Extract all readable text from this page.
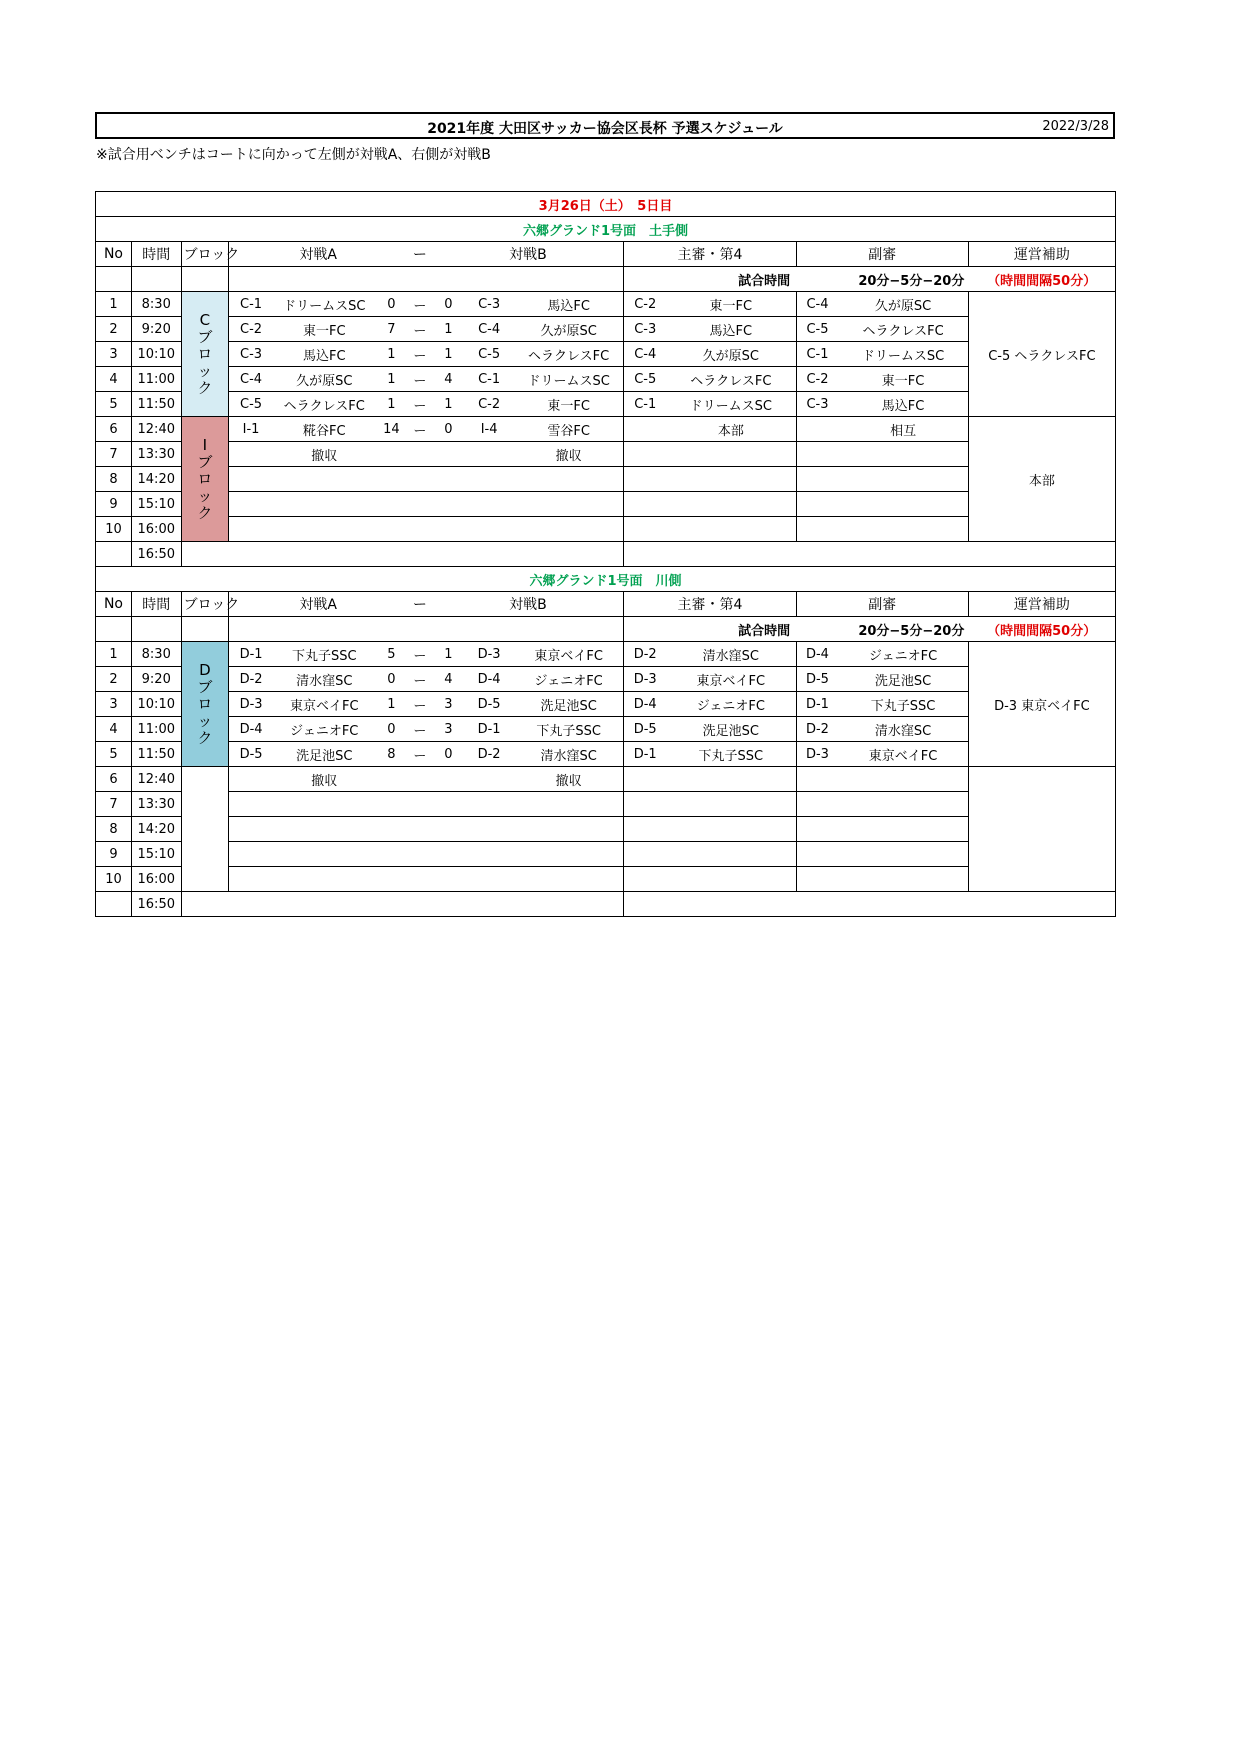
2021年度 大田区サッカー協会区長杯 予選スケジュール	2022/3/28
※試合用ベンチはコートに向かって左側が対戦A、右側が対戦B
3月26日（土）　5日目														
六郷グランド1号面　土手側														
No	時間	ブロック	対戦A			ー	対戦B			主審・第4		副審		運営補助
										試合時間		20分−5分−20分		（時間間隔50分）
1	8:30	Cブロック	C-1	ドリームスSC	0	ー	0	C-3	馬込FC	C-2	東一FC	C-4	久が原SC	C-5 ヘラクレスFC
2	9:20		C-2	東一FC	7	ー	1	C-4	久が原SC	C-3	馬込FC	C-5	ヘラクレスFC	
3	10:10		C-3	馬込FC	1	ー	1	C-5	ヘラクレスFC	C-4	久が原SC	C-1	ドリームスSC	
4	11:00		C-4	久が原SC	1	ー	4	C-1	ドリームスSC	C-5	ヘラクレスFC	C-2	東一FC	
5	11:50		C-5	ヘラクレスFC	1	ー	1	C-2	東一FC	C-1	ドリームスSC	C-3	馬込FC	
6	12:40	Iブロック	I-1	糀谷FC	14	ー	0	I-4	雪谷FC		本部		相互	本部
7	13:30			撤収					撤収					
8	14:20													
9	15:10													
10	16:00													
	16:50													
六郷グランド1号面　川側														
No	時間	ブロック	対戦A			ー	対戦B			主審・第4		副審		運営補助
										試合時間		20分−5分−20分		（時間間隔50分）
1	8:30	Dブロック	D-1	下丸子SSC	5	ー	1	D-3	東京ベイFC	D-2	清水窪SC	D-4	ジェニオFC	D-3 東京ベイFC
2	9:20		D-2	清水窪SC	0	ー	4	D-4	ジェニオFC	D-3	東京ベイFC	D-5	洗足池SC	
3	10:10		D-3	東京ベイFC	1	ー	3	D-5	洗足池SC	D-4	ジェニオFC	D-1	下丸子SSC	
4	11:00		D-4	ジェニオFC	0	ー	3	D-1	下丸子SSC	D-5	洗足池SC	D-2	清水窪SC	
5	11:50		D-5	洗足池SC	8	ー	0	D-2	清水窪SC	D-1	下丸子SSC	D-3	東京ベイFC	
6	12:40			撤収					撤収					
7	13:30													
8	14:20													
9	15:10													
10	16:00													
	16:50													
